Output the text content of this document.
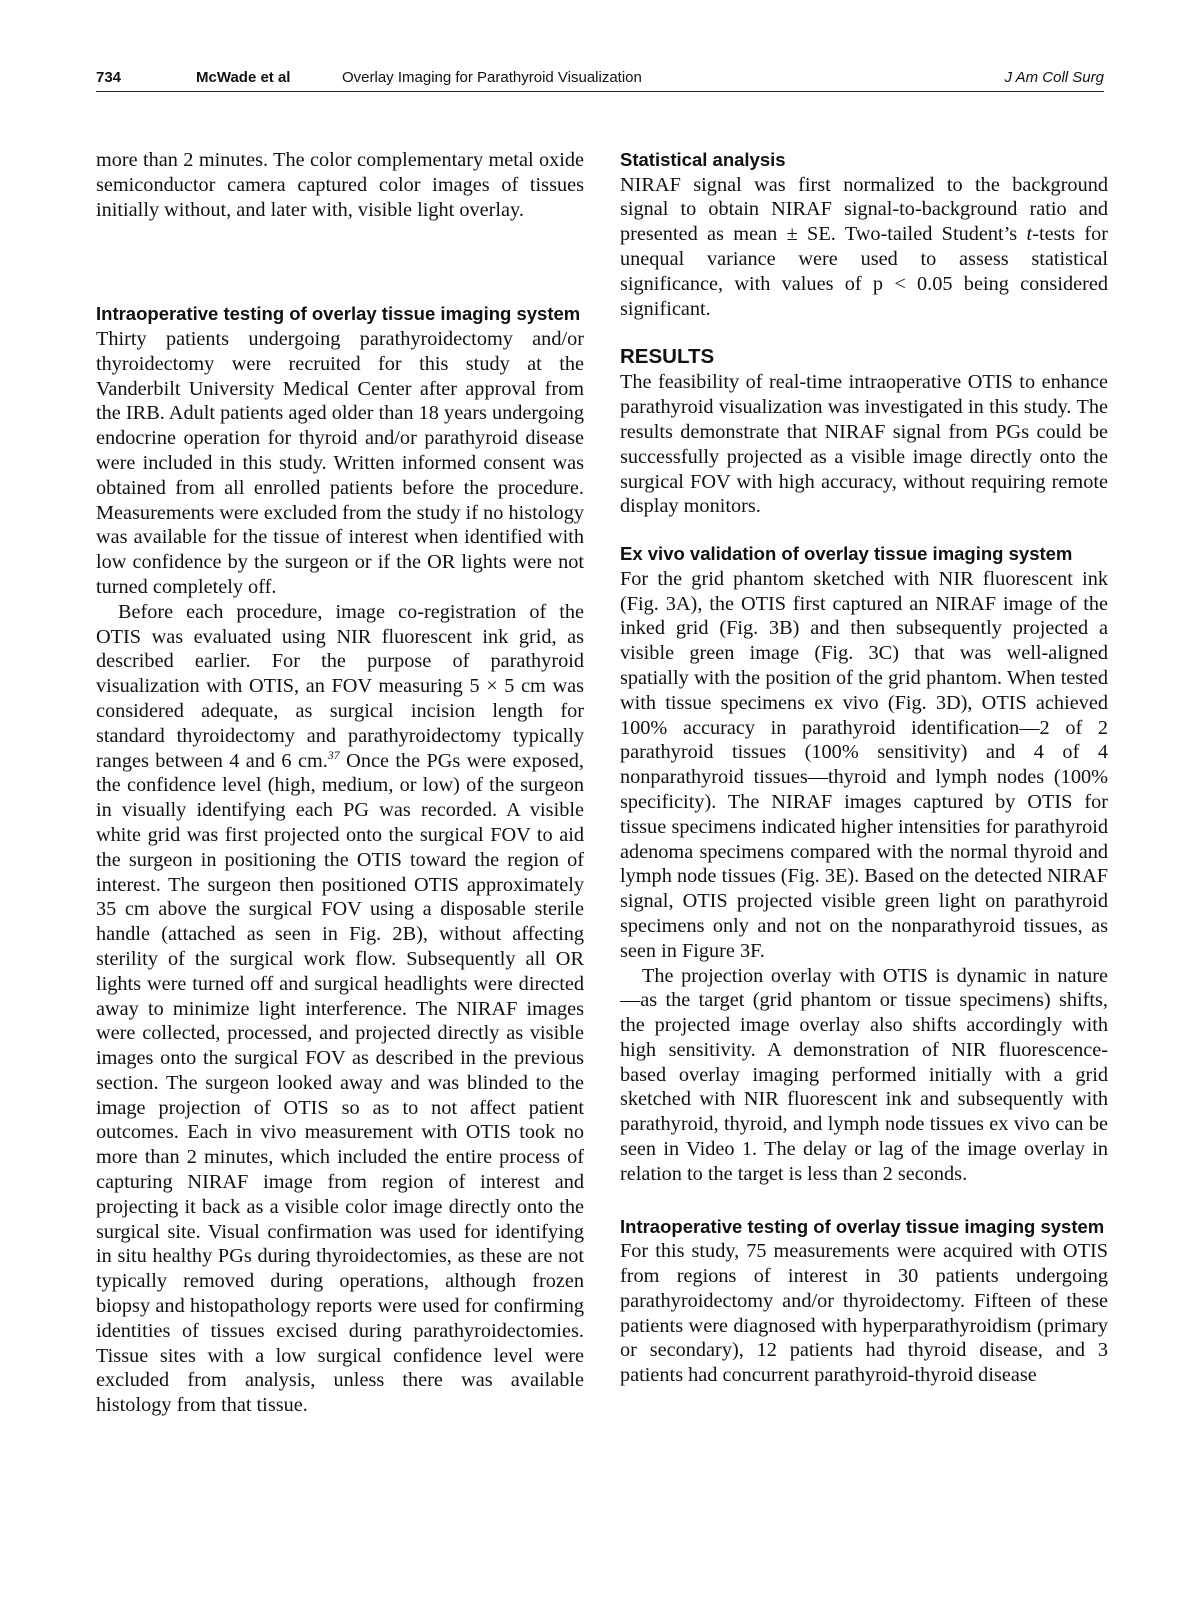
734	McWade et al	Overlay Imaging for Parathyroid Visualization	J Am Coll Surg

more than 2 minutes. The color complementary metal oxide semiconductor camera captured color images of tissues initially without, and later with, visible light overlay.

Intraoperative testing of overlay tissue imaging system

Thirty patients undergoing parathyroidectomy and/or thyroidectomy were recruited for this study at the Vanderbilt University Medical Center after approval from the IRB. Adult patients aged older than 18 years undergoing endocrine operation for thyroid and/or parathyroid disease were included in this study. Written informed consent was obtained from all enrolled patients before the procedure. Measurements were excluded from the study if no histology was available for the tissue of interest when identified with low confidence by the surgeon or if the OR lights were not turned completely off.

Before each procedure, image co-registration of the OTIS was evaluated using NIR fluorescent ink grid, as described earlier. For the purpose of parathyroid visualization with OTIS, an FOV measuring 5 × 5 cm was considered adequate, as surgical incision length for standard thyroidectomy and parathyroidectomy typically ranges between 4 and 6 cm.$^{37}$ Once the PGs were exposed, the confidence level (high, medium, or low) of the surgeon in visually identifying each PG was recorded. A visible white grid was first projected onto the surgical FOV to aid the surgeon in positioning the OTIS toward the region of interest. The surgeon then positioned OTIS approximately 35 cm above the surgical FOV using a disposable sterile handle (attached as seen in Fig. 2B), without affecting sterility of the surgical work flow. Subsequently all OR lights were turned off and surgical headlights were directed away to minimize light interference. The NIRAF images were collected, processed, and projected directly as visible images onto the surgical FOV as described in the previous section. The surgeon looked away and was blinded to the image projection of OTIS so as to not affect patient outcomes. Each in vivo measurement with OTIS took no more than 2 minutes, which included the entire process of capturing NIRAF image from region of interest and projecting it back as a visible color image directly onto the surgical site. Visual confirmation was used for identifying in situ healthy PGs during thyroidectomies, as these are not typically removed during operations, although frozen biopsy and histopathology reports were used for confirming identities of tissues excised during parathyroidectomies. Tissue sites with a low surgical confidence level were excluded from analysis, unless there was available histology from that tissue.

Statistical analysis

NIRAF signal was first normalized to the background signal to obtain NIRAF signal-to-background ratio and presented as mean ± SE. Two-tailed Student’s t-tests for unequal variance were used to assess statistical significance, with values of p < 0.05 being considered significant.

RESULTS

The feasibility of real-time intraoperative OTIS to enhance parathyroid visualization was investigated in this study. The results demonstrate that NIRAF signal from PGs could be successfully projected as a visible image directly onto the surgical FOV with high accuracy, without requiring remote display monitors.

Ex vivo validation of overlay tissue imaging system

For the grid phantom sketched with NIR fluorescent ink (Fig. 3A), the OTIS first captured an NIRAF image of the inked grid (Fig. 3B) and then subsequently projected a visible green image (Fig. 3C) that was well-aligned spatially with the position of the grid phantom. When tested with tissue specimens ex vivo (Fig. 3D), OTIS achieved 100% accuracy in parathyroid identification—2 of 2 parathyroid tissues (100% sensitivity) and 4 of 4 nonparathyroid tissues—thyroid and lymph nodes (100% specificity). The NIRAF images captured by OTIS for tissue specimens indicated higher intensities for parathyroid adenoma specimens compared with the normal thyroid and lymph node tissues (Fig. 3E). Based on the detected NIRAF signal, OTIS projected visible green light on parathyroid specimens only and not on the nonparathyroid tissues, as seen in Figure 3F.

The projection overlay with OTIS is dynamic in nature—as the target (grid phantom or tissue specimens) shifts, the projected image overlay also shifts accordingly with high sensitivity. A demonstration of NIR fluorescence-based overlay imaging performed initially with a grid sketched with NIR fluorescent ink and subsequently with parathyroid, thyroid, and lymph node tissues ex vivo can be seen in Video 1. The delay or lag of the image overlay in relation to the target is less than 2 seconds.

Intraoperative testing of overlay tissue imaging system

For this study, 75 measurements were acquired with OTIS from regions of interest in 30 patients undergoing parathyroidectomy and/or thyroidectomy. Fifteen of these patients were diagnosed with hyperparathyroidism (primary or secondary), 12 patients had thyroid disease, and 3 patients had concurrent parathyroid-thyroid disease
